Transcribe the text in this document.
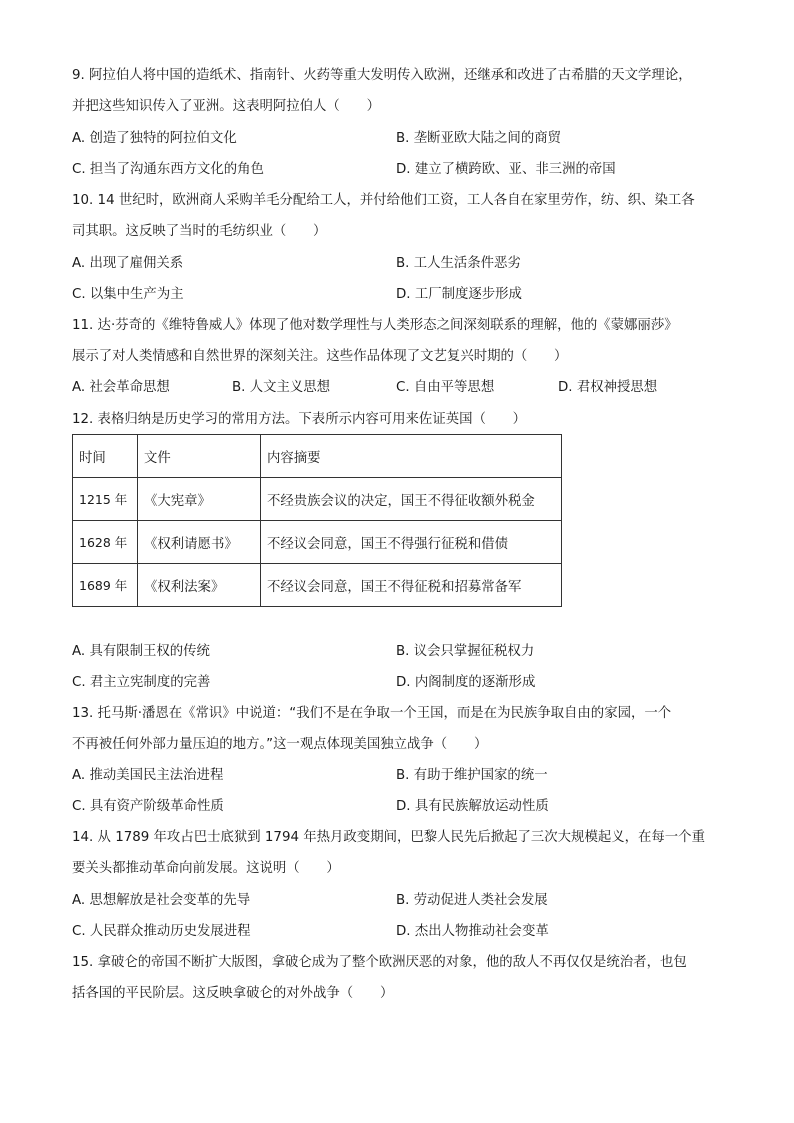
9. 阿拉伯人将中国的造纸术、指南针、火药等重大发明传入欧洲，还继承和改进了古希腊的天文学理论，
并把这些知识传入了亚洲。这表明阿拉伯人（　　）
A. 创造了独特的阿拉伯文化	B. 垄断亚欧大陆之间的商贸
C. 担当了沟通东西方文化的角色	D. 建立了横跨欧、亚、非三洲的帝国
10. 14 世纪时，欧洲商人采购羊毛分配给工人，并付给他们工资，工人各自在家里劳作，纺、织、染工各
司其职。这反映了当时的毛纺织业（　　）
A. 出现了雇佣关系	B. 工人生活条件恶劣
C. 以集中生产为主	D. 工厂制度逐步形成
11. 达·芬奇的《维特鲁威人》体现了他对数学理性与人类形态之间深刻联系的理解，他的《蒙娜丽莎》
展示了对人类情感和自然世界的深刻关注。这些作品体现了文艺复兴时期的（　　）
A. 社会革命思想	B. 人文主义思想	C. 自由平等思想	D. 君权神授思想
12. 表格归纳是历史学习的常用方法。下表所示内容可用来佐证英国（　　）
时间	文件	内容摘要
1215 年	《大宪章》	不经贵族会议的决定，国王不得征收额外税金
1628 年	《权利请愿书》	不经议会同意，国王不得强行征税和借债
1689 年	《权利法案》	不经议会同意，国王不得征税和招募常备军
A. 具有限制王权的传统	B. 议会只掌握征税权力
C. 君主立宪制度的完善	D. 内阁制度的逐渐形成
13. 托马斯·潘恩在《常识》中说道：“我们不是在争取一个王国，而是在为民族争取自由的家园，一个
不再被任何外部力量压迫的地方。”这一观点体现美国独立战争（　　）
A. 推动美国民主法治进程	B. 有助于维护国家的统一
C. 具有资产阶级革命性质	D. 具有民族解放运动性质
14. 从 1789 年攻占巴士底狱到 1794 年热月政变期间，巴黎人民先后掀起了三次大规模起义，在每一个重
要关头都推动革命向前发展。这说明（　　）
A. 思想解放是社会变革的先导	B. 劳动促进人类社会发展
C. 人民群众推动历史发展进程	D. 杰出人物推动社会变革
15. 拿破仑的帝国不断扩大版图，拿破仑成为了整个欧洲厌恶的对象，他的敌人不再仅仅是统治者，也包
括各国的平民阶层。这反映拿破仑的对外战争（　　）
